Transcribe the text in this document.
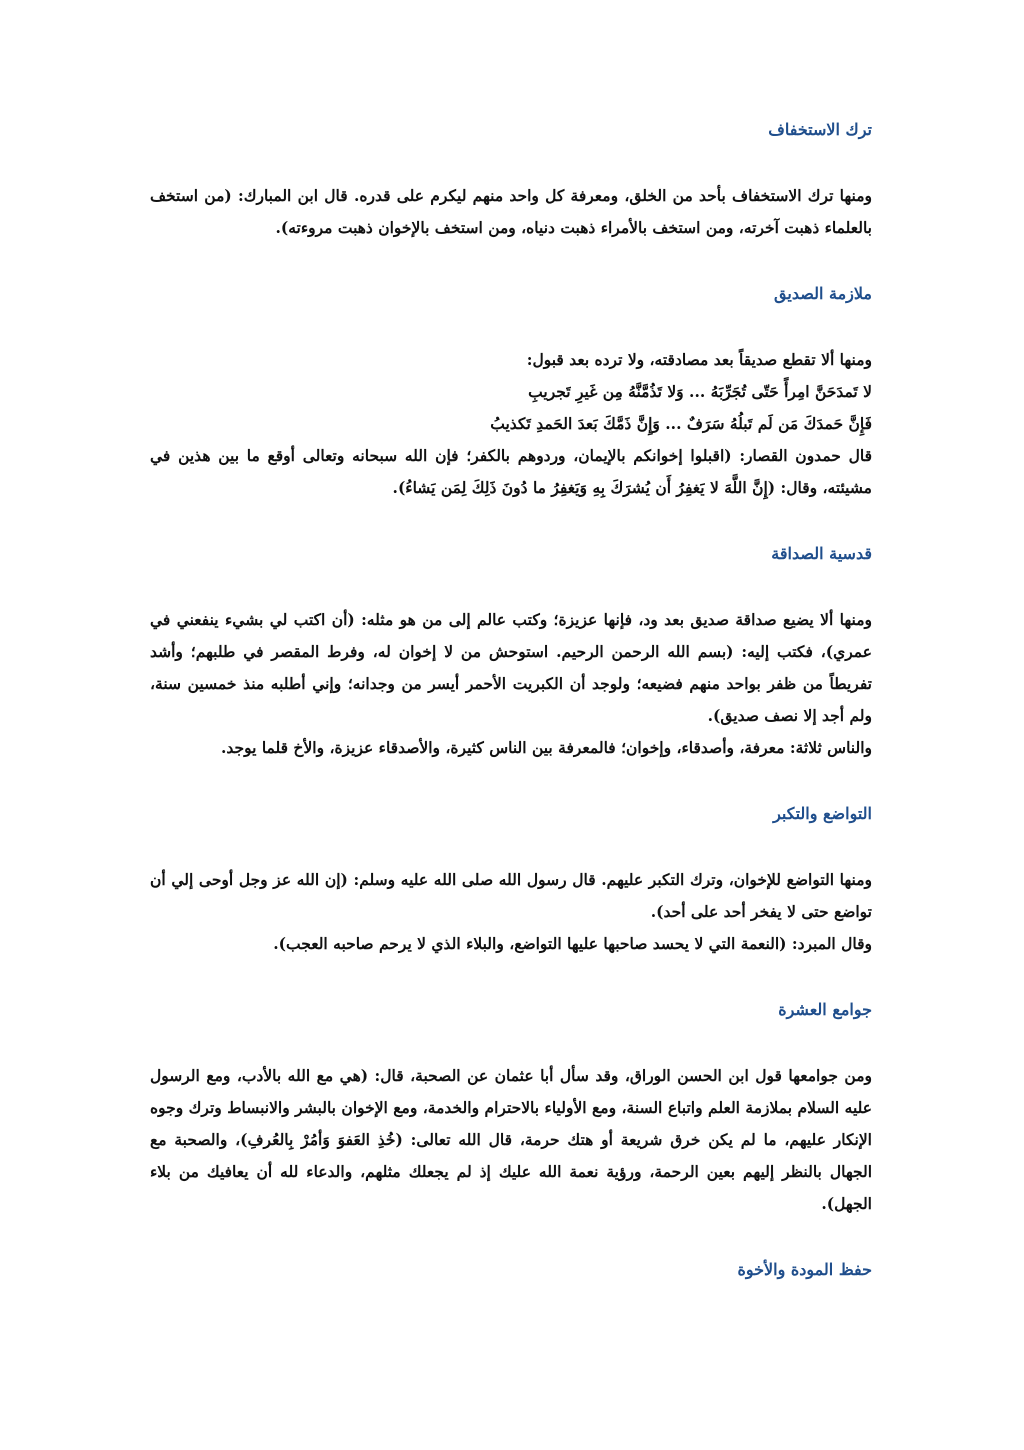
ترك الاستخفاف

ومنها ترك الاستخفاف بأحد من الخلق، ومعرفة كل واحد منهم ليكرم على قدره. قال ابن المبارك: (من استخف بالعلماء ذهبت آخرته، ومن استخف بالأمراء ذهبت دنياه، ومن استخف بالإخوان ذهبت مروءته).

ملازمة الصديق

ومنها ألا تقطع صديقاً بعد مصادقته، ولا ترده بعد قبول:

لا تَمدَحَنَّ امِرأً حَتّى تُجَرِّبَهُ ... وَلا تَذُمَّنَّهُ مِن غَيرِ تَجريبِ

فَإِنَّ حَمدَكَ مَن لَم تَبلُهُ سَرَفٌ ... وَإِنَّ ذَمَّكَ بَعدَ الحَمدِ تَكذيبُ

قال حمدون القصار: (اقبلوا إخوانكم بالإيمان، وردوهم بالكفر؛ فإن الله سبحانه وتعالى أوقع ما بين هذين في مشيئته، وقال: (إِنَّ اللَّهَ لا يَغفِرُ أَن يُشرَكَ بِهِ وَيَغفِرُ ما دُونَ ذَلِكَ لِمَن يَشاءُ).

قدسية الصداقة

ومنها ألا يضيع صداقة صديق بعد ود، فإنها عزيزة؛ وكتب عالم إلى من هو مثله: (أن اكتب لي بشيء ينفعني في عمري)، فكتب إليه: (بسم الله الرحمن الرحيم. استوحش من لا إخوان له، وفرط المقصر في طلبهم؛ وأشد تفريطاً من ظفر بواحد منهم فضيعه؛ ولوجد أن الكبريت الأحمر أيسر من وجدانه؛ وإني أطلبه منذ خمسين سنة، ولم أجد إلا نصف صديق).

والناس ثلاثة: معرفة، وأصدقاء، وإخوان؛ فالمعرفة بين الناس كثيرة، والأصدقاء عزيزة، والأخ قلما يوجد.

التواضع والتكبر

ومنها التواضع للإخوان، وترك التكبر عليهم. قال رسول الله صلى الله عليه وسلم: (إن الله عز وجل أوحى إلي أن تواضع حتى لا يفخر أحد على أحد).

وقال المبرد: (النعمة التي لا يحسد صاحبها عليها التواضع، والبلاء الذي لا يرحم صاحبه العجب).

جوامع العشرة

ومن جوامعها قول ابن الحسن الوراق، وقد سأل أبا عثمان عن الصحبة، قال: (هي مع الله بالأدب، ومع الرسول عليه السلام بملازمة العلم واتباع السنة، ومع الأولياء بالاحترام والخدمة، ومع الإخوان بالبشر والانبساط وترك وجوه الإنكار عليهم، ما لم يكن خرق شريعة أو هتك حرمة، قال الله تعالى: (خُذِ العَفوَ وَأمُرْ بِالعُرفِ)، والصحبة مع الجهال بالنظر إليهم بعين الرحمة، ورؤية نعمة الله عليك إذ لم يجعلك مثلهم، والدعاء لله أن يعافيك من بلاء الجهل).

حفظ المودة والأخوة
